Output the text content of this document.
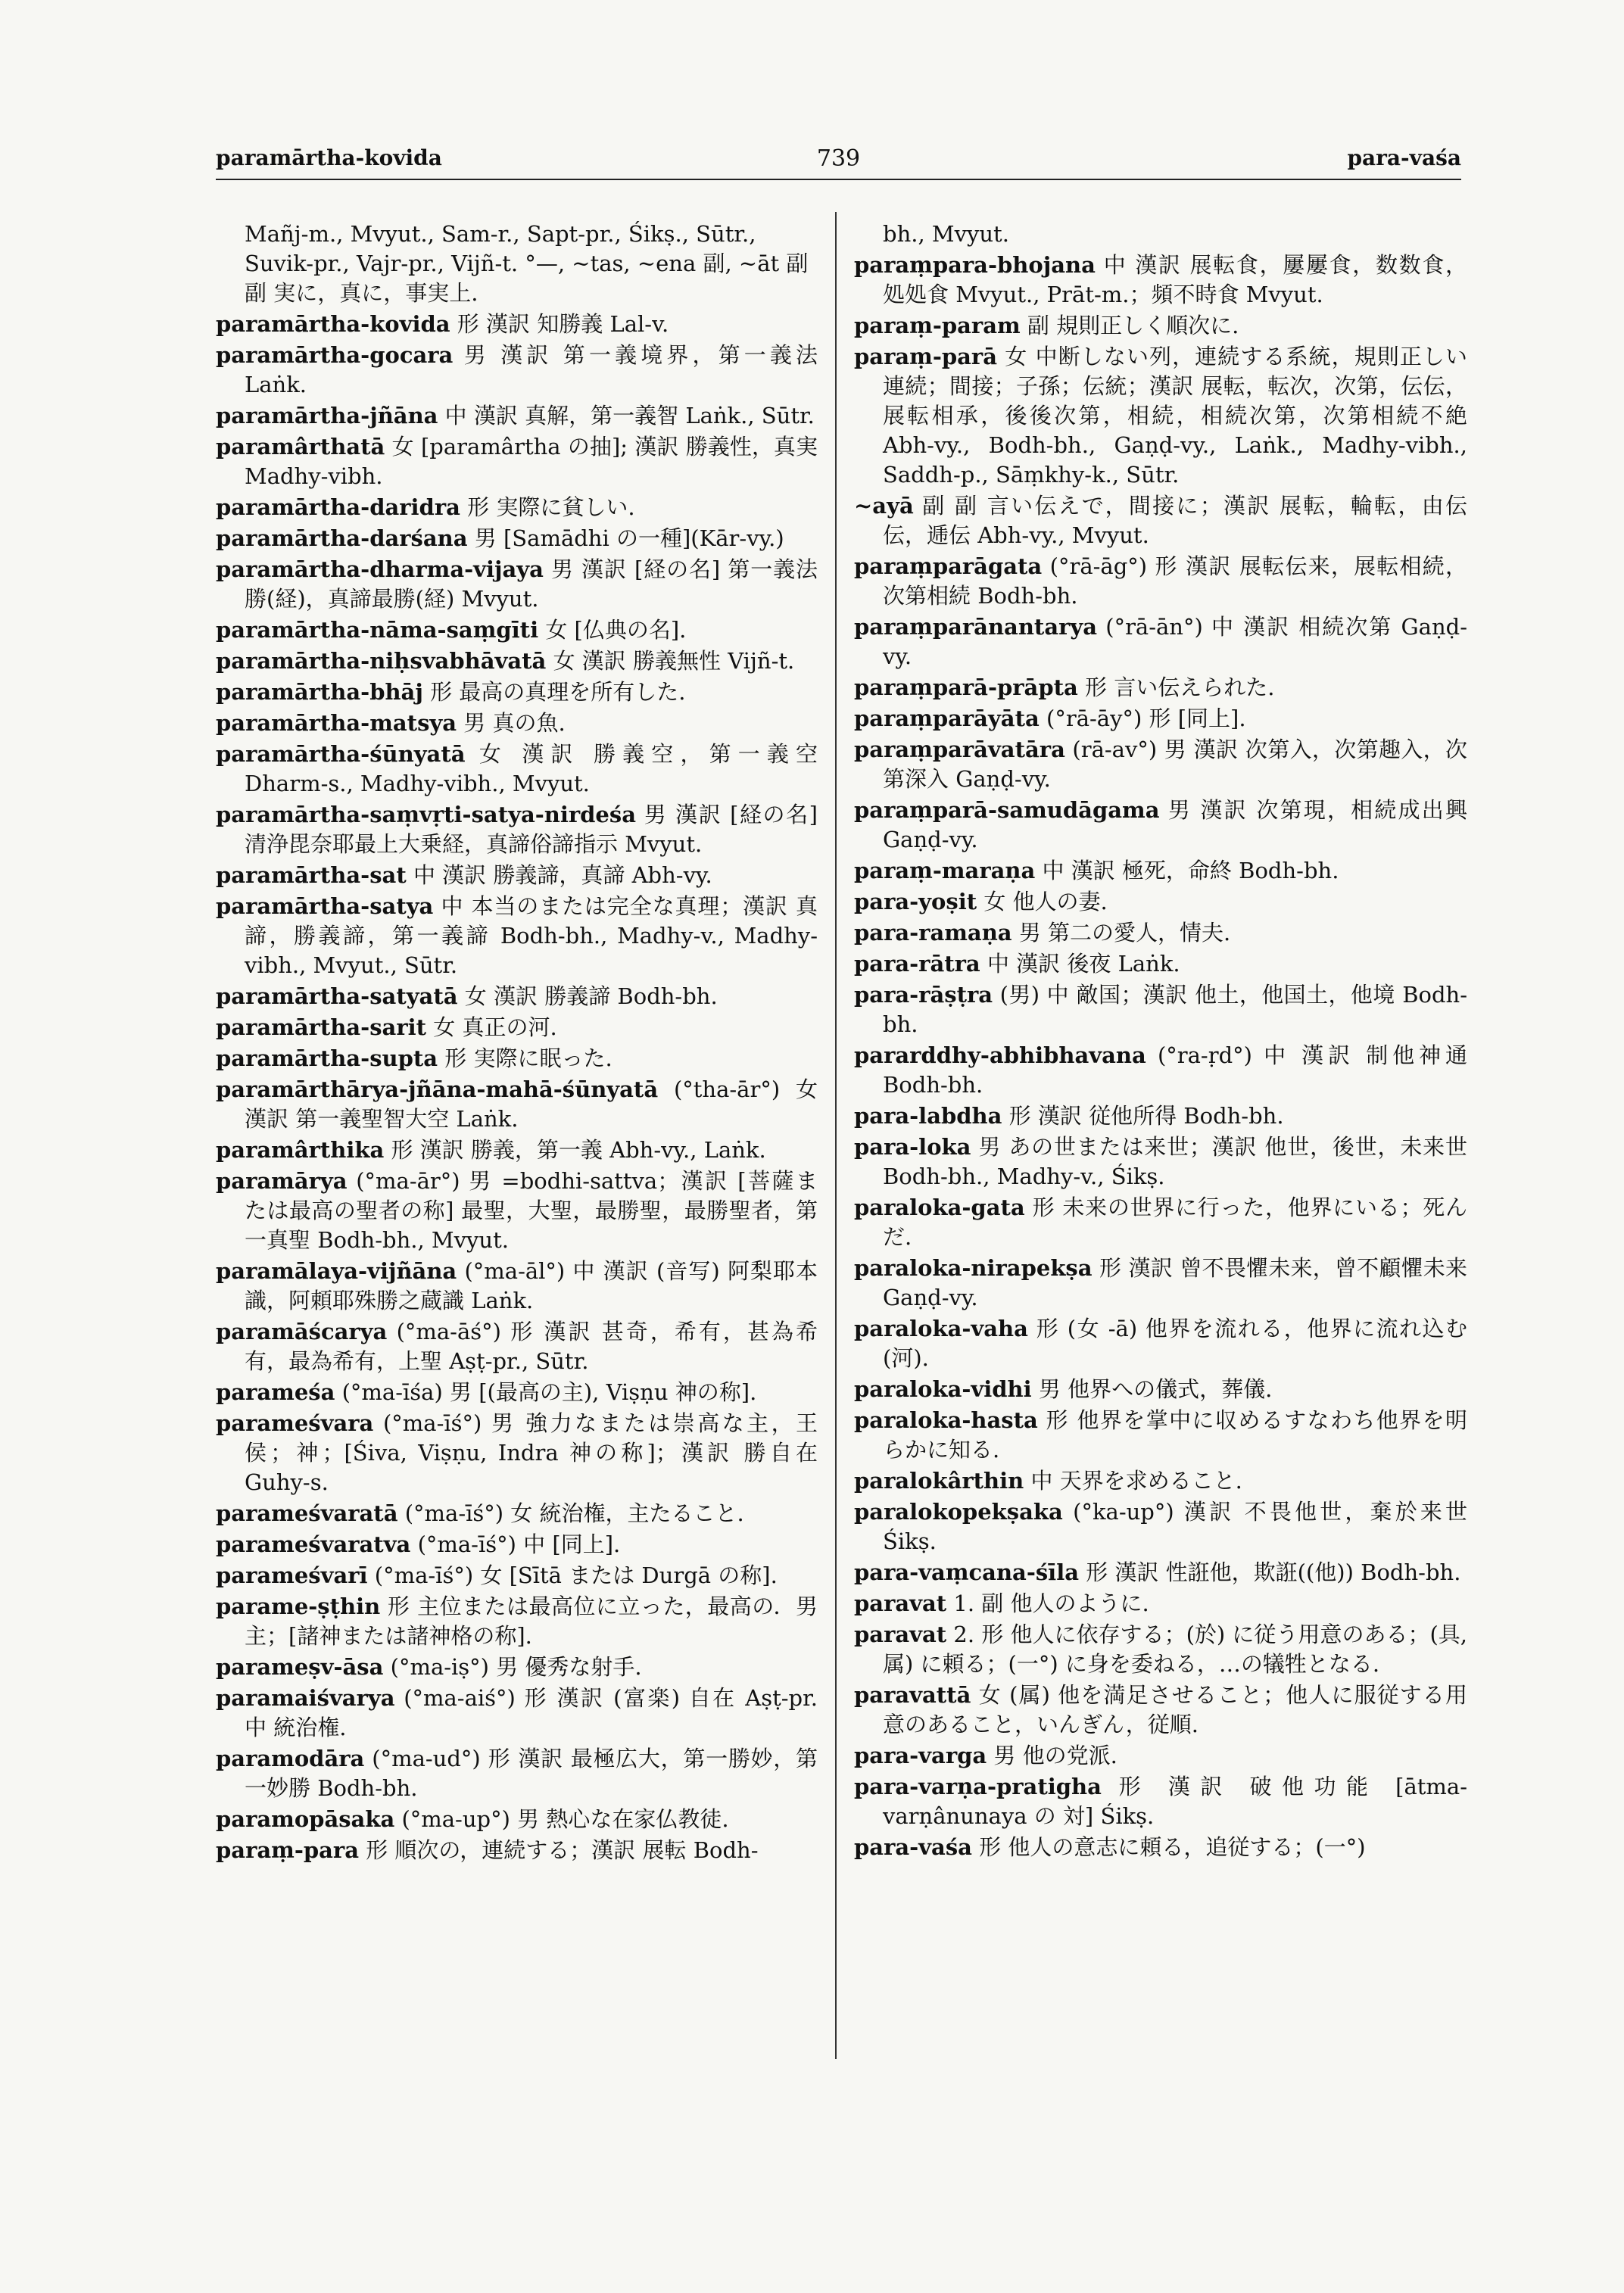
paramārtha-kovida	739	para-vaśa

Mañj-m., Mvyut., Sam-r., Sapt-pr., Śikṣ., Sūtr., Suvik-pr., Vajr-pr., Vijñ-t. °—, ~tas, ~ena 副, ~āt 副 副 実に，真に，事実上.

paramārtha-kovida 形 漢訳 知勝義 Lal-v.

paramārtha-gocara 男 漢訳 第一義境界，第一義法 Laṅk.

paramārtha-jñāna 中 漢訳 真解，第一義智 Laṅk., Sūtr.

paramârthatā 女 [paramârtha の抽]; 漢訳 勝義性，真実 Madhy-vibh.

paramārtha-daridra 形 実際に貧しい.

paramārtha-darśana 男 [Samādhi の一種](Kār-vy.)

paramārtha-dharma-vijaya 男 漢訳 [経の名] 第一義法勝(経)，真諦最勝(経) Mvyut.

paramārtha-nāma-saṃgīti 女 [仏典の名].

paramārtha-niḥsvabhāvatā 女 漢訳 勝義無性 Vijñ-t.

paramārtha-bhāj 形 最高の真理を所有した.

paramārtha-matsya 男 真の魚.

paramārtha-śūnyatā 女 漢訳 勝義空，第一義空 Dharm-s., Madhy-vibh., Mvyut.

paramārtha-saṃvṛti-satya-nirdeśa 男 漢訳 [経の名] 清浄毘奈耶最上大乗経，真諦俗諦指示 Mvyut.

paramārtha-sat 中 漢訳 勝義諦，真諦 Abh-vy.

paramārtha-satya 中 本当のまたは完全な真理；漢訳 真諦，勝義諦，第一義諦 Bodh-bh., Madhy-v., Madhy-vibh., Mvyut., Sūtr.

paramārtha-satyatā 女 漢訳 勝義諦 Bodh-bh.

paramārtha-sarit 女 真正の河.

paramārtha-supta 形 実際に眠った.

paramārthārya-jñāna-mahā-śūnyatā (°tha-ār°) 女 漢訳 第一義聖智大空 Laṅk.

paramârthika 形 漢訳 勝義，第一義 Abh-vy., Laṅk.

paramārya (°ma-ār°) 男 =bodhi-sattva；漢訳 [菩薩または最高の聖者の称] 最聖，大聖，最勝聖，最勝聖者，第一真聖 Bodh-bh., Mvyut.

paramālaya-vijñāna (°ma-āl°) 中 漢訳 (音写) 阿梨耶本識，阿頼耶殊勝之蔵識 Laṅk.

paramāścarya (°ma-āś°) 形 漢訳 甚奇，希有，甚為希有，最為希有，上聖 Aṣṭ-pr., Sūtr.

parameśa (°ma-īśa) 男 [(最高の主), Viṣṇu 神の称].

parameśvara (°ma-īś°) 男 強力なまたは崇高な主，王侯；神；[Śiva, Viṣṇu, Indra 神の称]；漢訳 勝自在 Guhy-s.

parameśvaratā (°ma-īś°) 女 統治権，主たること.

parameśvaratva (°ma-īś°) 中 [同上].

parameśvarī (°ma-īś°) 女 [Sītā または Durgā の称].

parame-ṣṭhin 形 主位または最高位に立った，最高の．男 主；[諸神または諸神格の称].

parameṣv-āsa (°ma-iṣ°) 男 優秀な射手.

paramaiśvarya (°ma-aiś°) 形 漢訳 (富楽) 自在 Aṣṭ-pr. 中 統治権.

paramodāra (°ma-ud°) 形 漢訳 最極広大，第一勝妙，第一妙勝 Bodh-bh.

paramopāsaka (°ma-up°) 男 熱心な在家仏教徒.

paraṃ-para 形 順次の，連続する；漢訳 展転 Bodh-

bh., Mvyut.

paraṃpara-bhojana 中 漢訳 展転食，屢屢食，数数食，処処食 Mvyut., Prāt-m.；頻不時食 Mvyut.

paraṃ-param 副 規則正しく順次に.

paraṃ-parā 女 中断しない列，連続する系統，規則正しい連続；間接；子孫；伝統；漢訳 展転，転次，次第，伝伝，展転相承，後後次第，相続，相続次第，次第相続不絶 Abh-vy., Bodh-bh., Gaṇḍ-vy., Laṅk., Madhy-vibh., Saddh-p., Sāṃkhy-k., Sūtr.

~ayā 副 副 言い伝えで，間接に；漢訳 展転，輪転，由伝伝，逓伝 Abh-vy., Mvyut.

paraṃparāgata (°rā-āg°) 形 漢訳 展転伝来，展転相続，次第相続 Bodh-bh.

paraṃparānantarya (°rā-ān°) 中 漢訳 相続次第 Gaṇḍ-vy.

paraṃparā-prāpta 形 言い伝えられた.

paraṃparāyāta (°rā-āy°) 形 [同上].

paraṃparāvatāra (rā-av°) 男 漢訳 次第入，次第趣入，次第深入 Gaṇḍ-vy.

paraṃparā-samudāgama 男 漢訳 次第現，相続成出興 Gaṇḍ-vy.

paraṃ-maraṇa 中 漢訳 極死，命終 Bodh-bh.

para-yoṣit 女 他人の妻.

para-ramaṇa 男 第二の愛人，情夫.

para-rātra 中 漢訳 後夜 Laṅk.

para-rāṣṭra (男) 中 敵国；漢訳 他土，他国土，他境 Bodh-bh.

pararddhy-abhibhavana (°ra-ṛd°) 中 漢訳 制他神通 Bodh-bh.

para-labdha 形 漢訳 従他所得 Bodh-bh.

para-loka 男 あの世または来世；漢訳 他世，後世，未来世 Bodh-bh., Madhy-v., Śikṣ.

paraloka-gata 形 未来の世界に行った，他界にいる；死んだ.

paraloka-nirapekṣa 形 漢訳 曾不畏懼未来，曾不顧懼未来 Gaṇḍ-vy.

paraloka-vaha 形 (女 -ā) 他界を流れる，他界に流れ込む(河).

paraloka-vidhi 男 他界への儀式，葬儀.

paraloka-hasta 形 他界を掌中に収めるすなわち他界を明らかに知る.

paralokârthin 中 天界を求めること.

paralokopekṣaka (°ka-up°) 漢訳 不畏他世，棄於来世 Śikṣ.

para-vaṃcana-śīla 形 漢訳 性誑他，欺誑((他)) Bodh-bh.

paravat 1. 副 他人のように.

paravat 2. 形 他人に依存する；(於) に従う用意のある；(具,属) に頼る；(一°) に身を委ねる，…の犠牲となる.

paravattā 女 (属) 他を満足させること；他人に服従する用意のあること，いんぎん，従順.

para-varga 男 他の党派.

para-varṇa-pratigha 形 漢訳 破他功能 [ātma-varṇânunaya の 対] Śikṣ.

para-vaśa 形 他人の意志に頼る，追従する；(一°)
